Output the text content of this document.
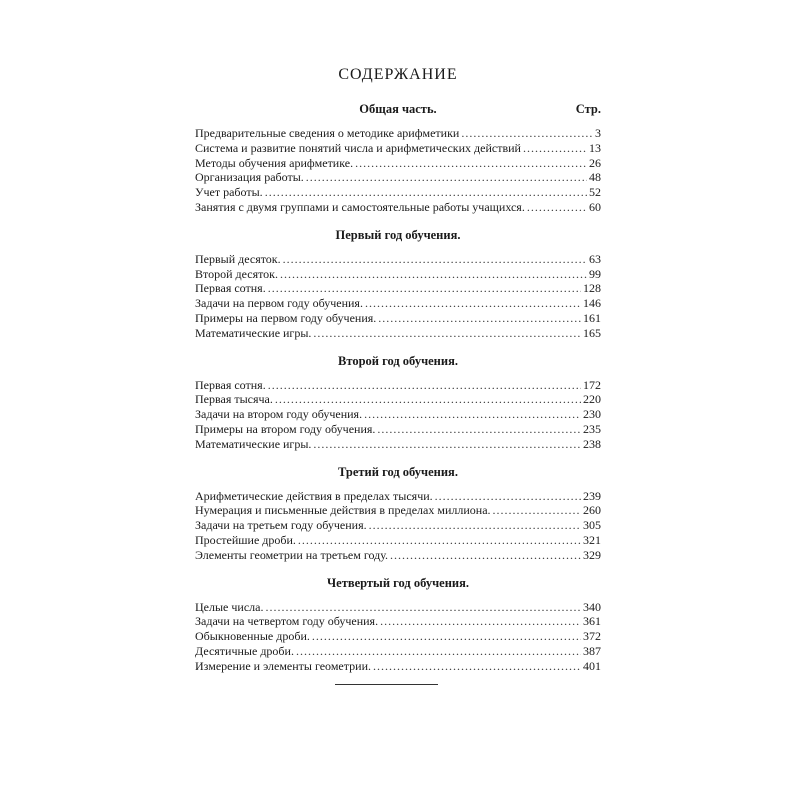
СОДЕРЖАНИЕ
Общая часть.	Стр.
Предварительные сведения о методике арифметики .....	3
Система и развитие понятий числа и арифметических действий .....	13
Методы обучения арифметике. .....	26
Организация работы. .....	48
Учет работы. .....	52
Занятия с двумя группами и самостоятельные работы учащихся. .....	60
Первый год обучения.
Первый десяток. .....	63
Второй десяток. .....	99
Первая сотня. .....	128
Задачи на первом году обучения. .....	146
Примеры на первом году обучения. .....	161
Математические игры. .....	165
Второй год обучения.
Первая сотня. .....	172
Первая тысяча. .....	220
Задачи на втором году обучения. .....	230
Примеры на втором году обучения. .....	235
Математические игры. .....	238
Третий год обучения.
Арифметические действия в пределах тысячи. .....	239
Нумерация и письменные действия в пределах миллиона. .....	260
Задачи на третьем году обучения. .....	305
Простейшие дроби. .....	321
Элементы геометрии на третьем году. .....	329
Четвертый год обучения.
Целые числа. .....	340
Задачи на четвертом году обучения. .....	361
Обыкновенные дроби. .....	372
Десятичные дроби. .....	387
Измерение и элементы геометрии. .....	401
